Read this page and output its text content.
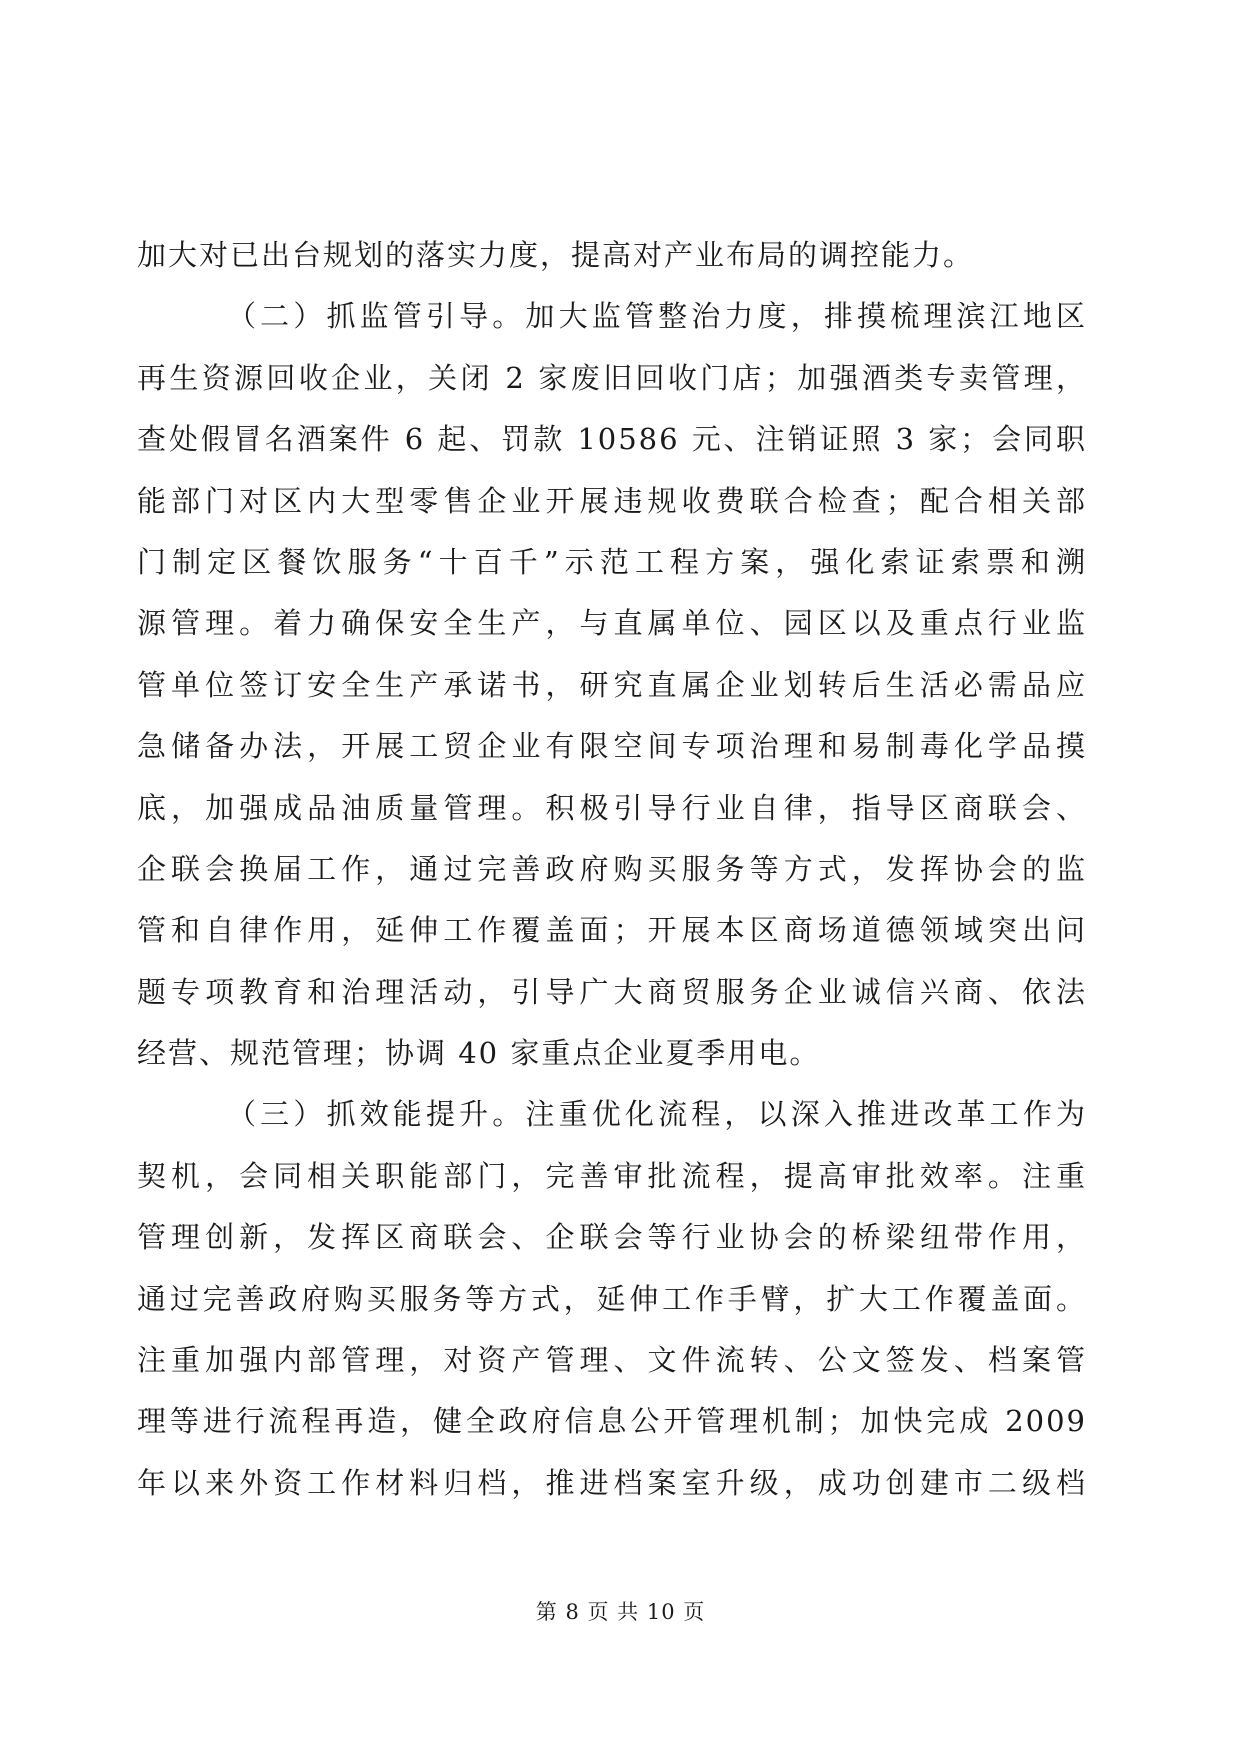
加大对已出台规划的落实力度，提高对产业布局的调控能力。
（二）抓监管引导。加大监管整治力度，排摸梳理滨江地区
再生资源回收企业，关闭 2 家废旧回收门店；加强酒类专卖管理，
查处假冒名酒案件 6 起、罚款 10586 元、注销证照 3 家；会同职
能部门对区内大型零售企业开展违规收费联合检查；配合相关部
门制定区餐饮服务“十百千”示范工程方案，强化索证索票和溯
源管理。着力确保安全生产，与直属单位、园区以及重点行业监
管单位签订安全生产承诺书，研究直属企业划转后生活必需品应
急储备办法，开展工贸企业有限空间专项治理和易制毒化学品摸
底，加强成品油质量管理。积极引导行业自律，指导区商联会、
企联会换届工作，通过完善政府购买服务等方式，发挥协会的监
管和自律作用，延伸工作覆盖面；开展本区商场道德领域突出问
题专项教育和治理活动，引导广大商贸服务企业诚信兴商、依法
经营、规范管理；协调 40 家重点企业夏季用电。
（三）抓效能提升。注重优化流程，以深入推进改革工作为
契机，会同相关职能部门，完善审批流程，提高审批效率。注重
管理创新，发挥区商联会、企联会等行业协会的桥梁纽带作用，
通过完善政府购买服务等方式，延伸工作手臂，扩大工作覆盖面。
注重加强内部管理，对资产管理、文件流转、公文签发、档案管
理等进行流程再造，健全政府信息公开管理机制；加快完成 2009
年以来外资工作材料归档，推进档案室升级，成功创建市二级档
第 8 页 共 10 页
